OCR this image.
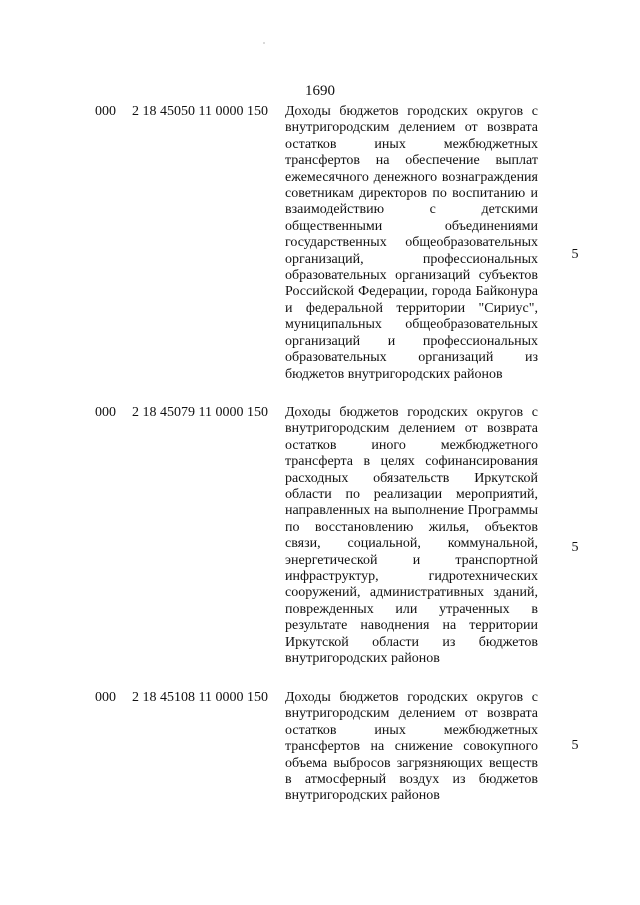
1690
000 2 18 45050 11 0000 150 Доходы бюджетов городских округов с внутригородским делением от возврата остатков иных межбюджетных трансфертов на обеспечение выплат ежемесячного денежного вознаграждения советникам директоров по воспитанию и взаимодействию с детскими общественными объединениями государственных общеобразовательных организаций, профессиональных образовательных организаций субъектов Российской Федерации, города Байконура и федеральной территории "Сириус", муниципальных общеобразовательных организаций и профессиональных образовательных организаций из бюджетов внутригородских районов
5
000 2 18 45079 11 0000 150 Доходы бюджетов городских округов с внутригородским делением от возврата остатков иного межбюджетного трансферта в целях софинансирования расходных обязательств Иркутской области по реализации мероприятий, направленных на выполнение Программы по восстановлению жилья, объектов связи, социальной, коммунальной, энергетической и транспортной инфраструктур, гидротехнических сооружений, административных зданий, поврежденных или утраченных в результате наводнения на территории Иркутской области из бюджетов внутригородских районов
5
000 2 18 45108 11 0000 150 Доходы бюджетов городских округов с внутригородским делением от возврата остатков иных межбюджетных трансфертов на снижение совокупного объема выбросов загрязняющих веществ в атмосферный воздух из бюджетов внутригородских районов
5
